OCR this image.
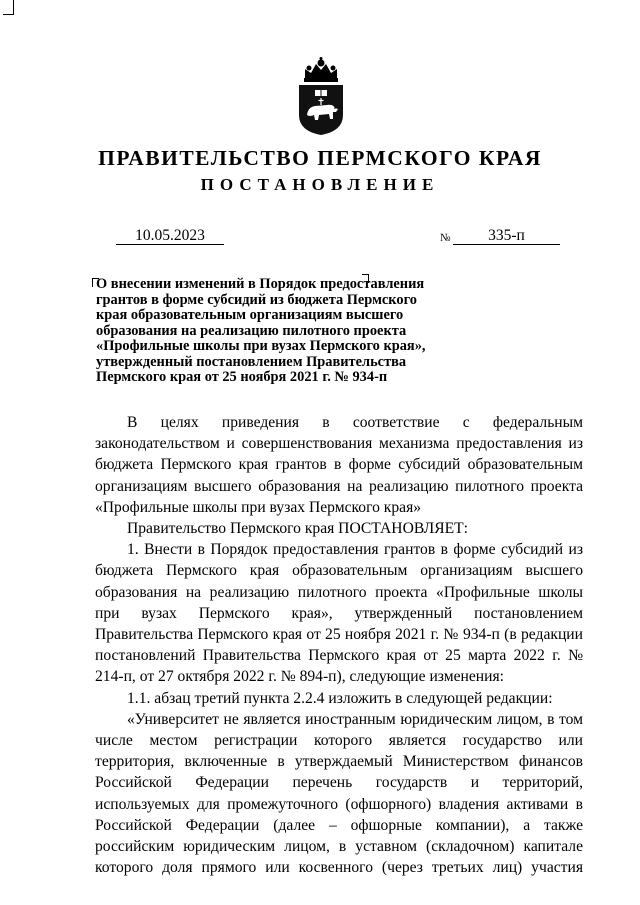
ПРАВИТЕЛЬСТВО ПЕРМСКОГО КРАЯ
ПОСТАНОВЛЕНИЕ
10.05.2023	№	335-п
О внесении изменений в Порядок предоставления
грантов в форме субсидий из бюджета Пермского
края образовательным организациям высшего
образования на реализацию пилотного проекта
«Профильные школы при вузах Пермского края»,
утвержденный постановлением Правительства
Пермского края от 25 ноября 2021 г. № 934-п

В целях приведения в соответствие с федеральным законодательством и совершенствования механизма предоставления из бюджета Пермского края грантов в форме субсидий образовательным организациям высшего образования на реализацию пилотного проекта «Профильные школы при вузах Пермского края»

Правительство Пермского края ПОСТАНОВЛЯЕТ:

1. Внести в Порядок предоставления грантов в форме субсидий из бюджета Пермского края образовательным организациям высшего образования на реализацию пилотного проекта «Профильные школы при вузах Пермского края», утвержденный постановлением Правительства Пермского края от 25 ноября 2021 г. № 934-п (в редакции постановлений Правительства Пермского края от 25 марта 2022 г. № 214-п, от 27 октября 2022 г. № 894-п), следующие изменения:

1.1. абзац третий пункта 2.2.4 изложить в следующей редакции:

«Университет не является иностранным юридическим лицом, в том числе местом регистрации которого является государство или территория, включенные в утверждаемый Министерством финансов Российской Федерации перечень государств и территорий, используемых для промежуточного (офшорного) владения активами в Российской Федерации (далее – офшорные компании), а также российским юридическим лицом, в уставном (складочном) капитале которого доля прямого или косвенного (через третьих лиц) участия
